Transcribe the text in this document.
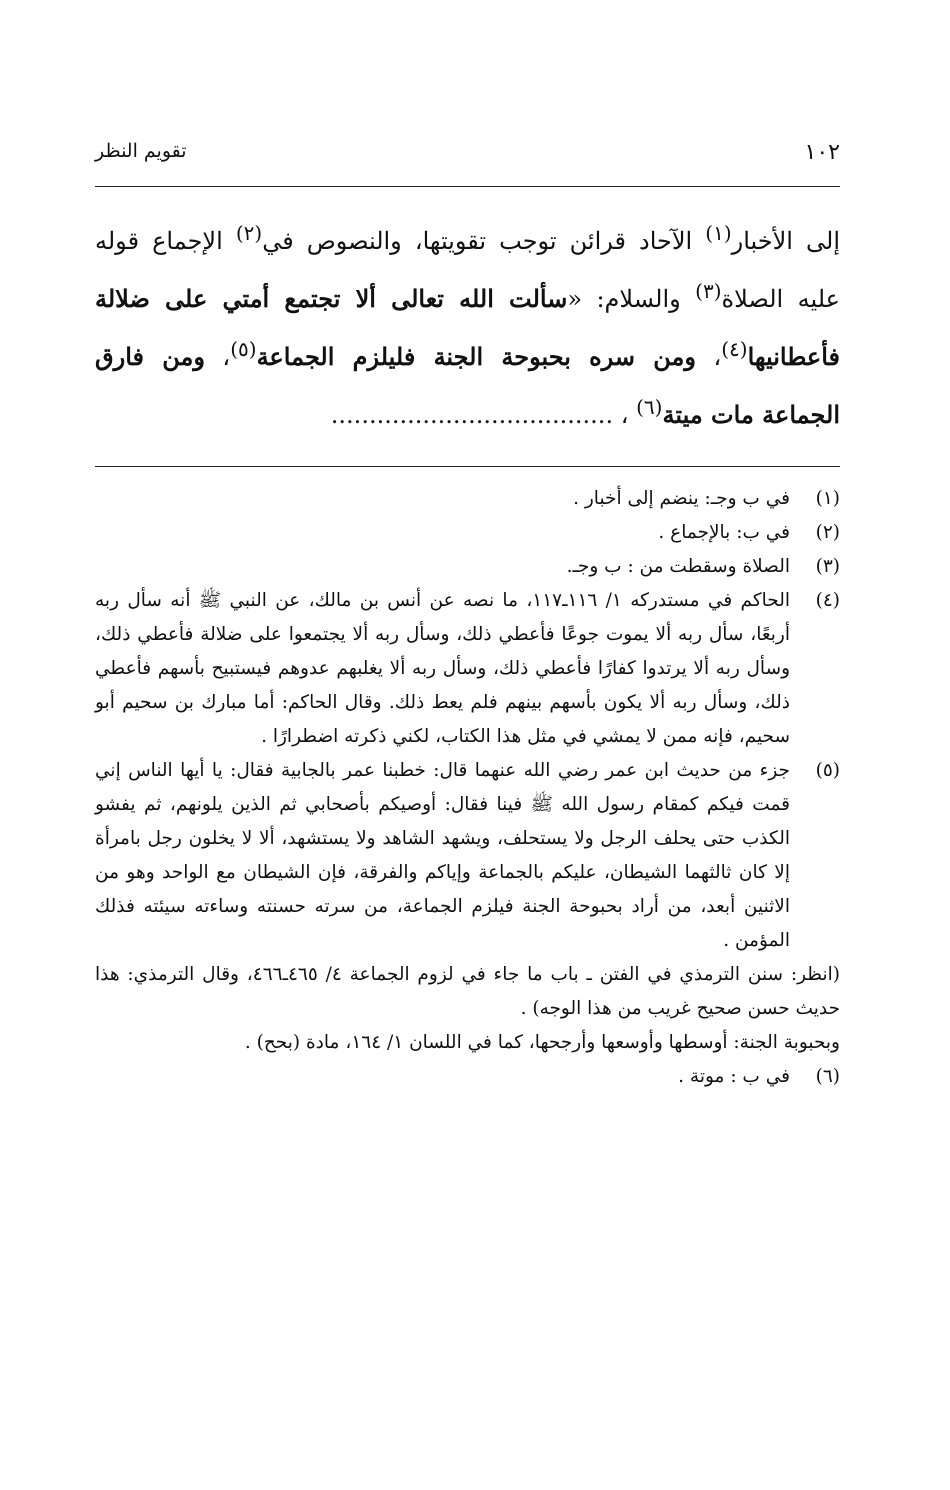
١٠٢
تقويم النظر

إلى الأخبار$^{(١)}$ الآحاد قرائن توجب تقويتها، والنصوص في$^{(٢)}$ الإجماع قوله عليه الصلاة$^{(٣)}$ والسلام: «سألت الله تعالى ألا تجتمع أمتي على ضلالة فأعطانيها$^{(٤)}$، ومن سره بحبوحة الجنة فليلزم الجماعة$^{(٥)}$، ومن فارق الجماعة مات ميتة$^{(٦)}$ ، .....................................

(١)

في ب وجـ: ينضم إلى أخبار .

(٢)

في ب: بالإجماع .

(٣)

الصلاة وسقطت من : ب وجـ.

(٤)

الحاكم في مستدركه ١/ ١١٦ـ١١٧، ما نصه عن أنس بن مالك، عن النبي ﷺ أنه سأل ربه أربعًا، سأل ربه ألا يموت جوعًا فأعطي ذلك، وسأل ربه ألا يجتمعوا على ضلالة فأعطي ذلك، وسأل ربه ألا يرتدوا كفارًا فأعطي ذلك، وسأل ربه ألا يغلبهم عدوهم فيستبيح بأسهم فأعطي ذلك، وسأل ربه ألا يكون بأسهم بينهم فلم يعط ذلك. وقال الحاكم: أما مبارك بن سحيم أبو سحيم، فإنه ممن لا يمشي في مثل هذا الكتاب، لكني ذكرته اضطرارًا .

(٥)

جزء من حديث ابن عمر رضي الله عنهما قال: خطبنا عمر بالجابية فقال: يا أيها الناس إني قمت فيكم كمقام رسول الله ﷺ فينا فقال: أوصيكم بأصحابي ثم الذين يلونهم، ثم يفشو الكذب حتى يحلف الرجل ولا يستحلف، ويشهد الشاهد ولا يستشهد، ألا لا يخلون رجل بامرأة إلا كان ثالثهما الشيطان، عليكم بالجماعة وإياكم والفرقة، فإن الشيطان مع الواحد وهو من الاثنين أبعد، من أراد بحبوحة الجنة فيلزم الجماعة، من سرته حسنته وساءته سيئته فذلك المؤمن .

(انظر: سنن الترمذي في الفتن ـ باب ما جاء في لزوم الجماعة ٤/ ٤٦٥ـ٤٦٦، وقال الترمذي: هذا حديث حسن صحيح غريب من هذا الوجه) .

وبحبوبة الجنة: أوسطها وأوسعها وأرجحها، كما في اللسان ١/ ١٦٤، مادة (بحح) .

(٦)

في ب : موتة .
